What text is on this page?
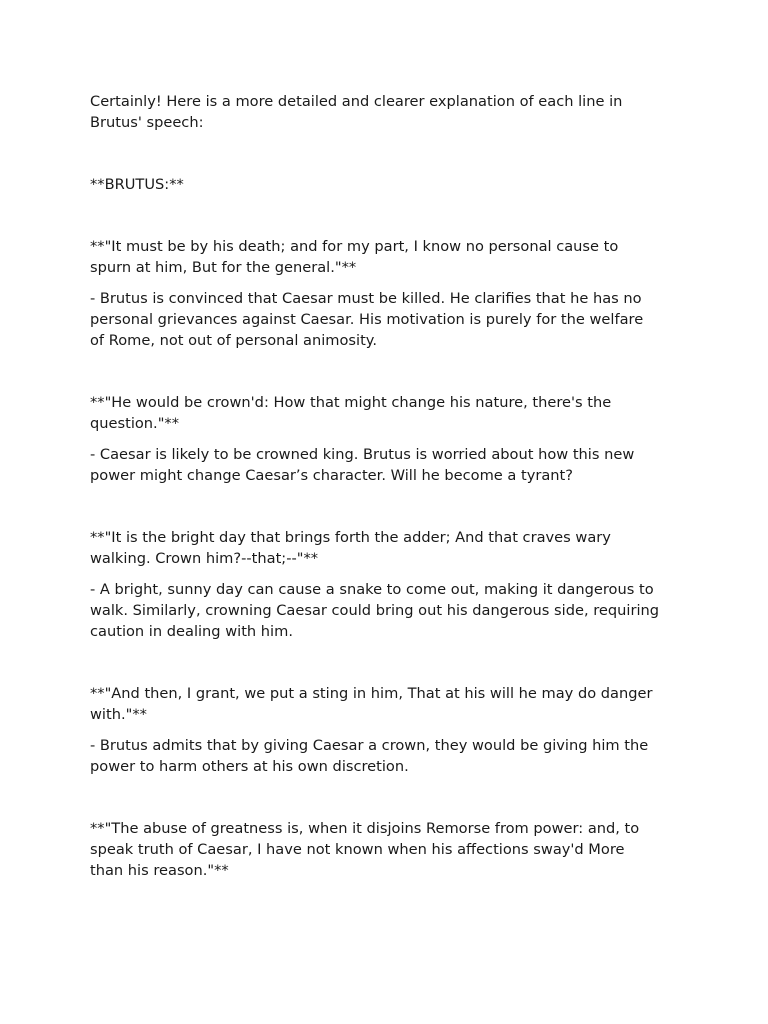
Certainly! Here is a more detailed and clearer explanation of each line in
Brutus' speech:

**BRUTUS:**

**"It must be by his death; and for my part, I know no personal cause to
spurn at him, But for the general."**

- Brutus is convinced that Caesar must be killed. He clarifies that he has no
personal grievances against Caesar. His motivation is purely for the welfare
of Rome, not out of personal animosity.

**"He would be crown'd: How that might change his nature, there's the
question."**

- Caesar is likely to be crowned king. Brutus is worried about how this new
power might change Caesar’s character. Will he become a tyrant?

**"It is the bright day that brings forth the adder; And that craves wary
walking. Crown him?--that;--"**

- A bright, sunny day can cause a snake to come out, making it dangerous to
walk. Similarly, crowning Caesar could bring out his dangerous side, requiring
caution in dealing with him.

**"And then, I grant, we put a sting in him, That at his will he may do danger
with."**

- Brutus admits that by giving Caesar a crown, they would be giving him the
power to harm others at his own discretion.

**"The abuse of greatness is, when it disjoins Remorse from power: and, to
speak truth of Caesar, I have not known when his affections sway'd More
than his reason."**
